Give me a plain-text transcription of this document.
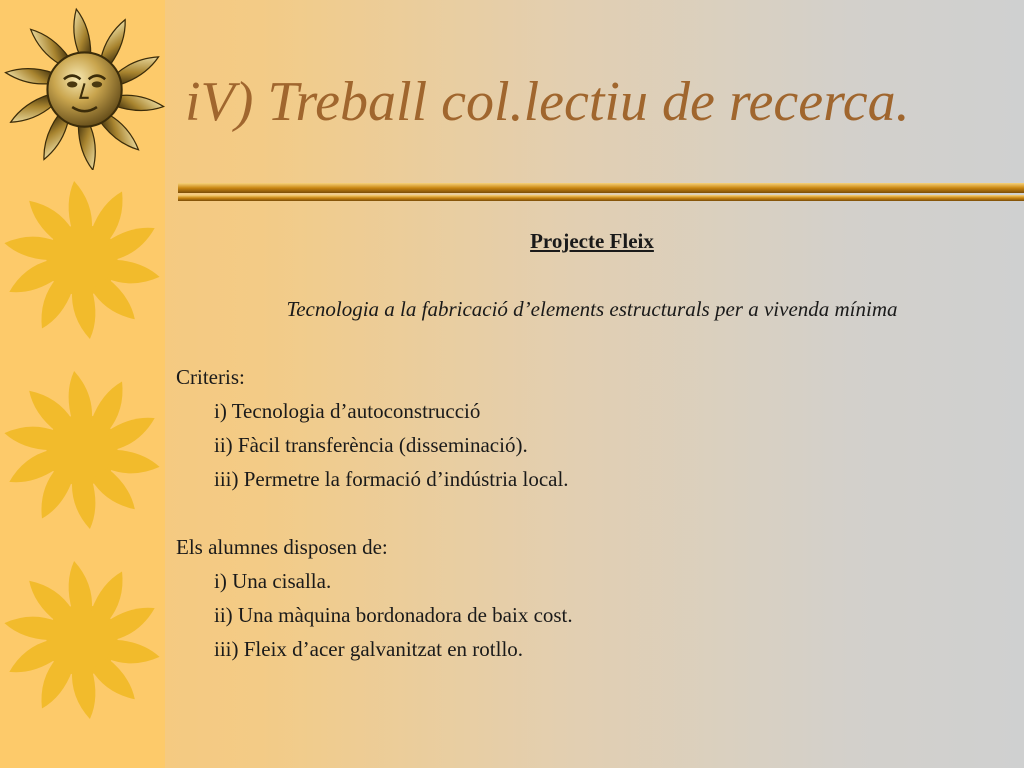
iV) Treball col.lectiu de recerca.
Projecte Fleix
Tecnologia a la fabricació d’elements estructurals per a vivenda mínima
Criteris:
i) Tecnologia d’autoconstrucció
ii) Fàcil transferència (disseminació).
iii) Permetre la formació d’indústria local.
Els alumnes disposen de:
i) Una cisalla.
ii) Una màquina bordonadora de baix cost.
iii) Fleix d’acer galvanitzat en rotllo.
